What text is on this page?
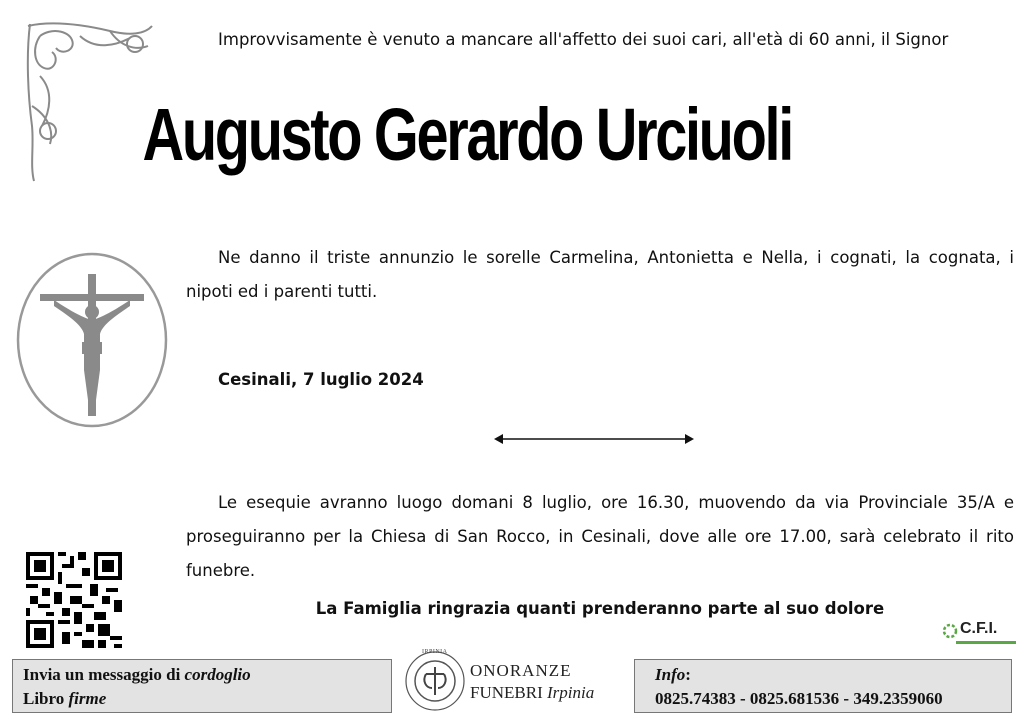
Improvvisamente è venuto a mancare all'affetto dei suoi cari, all'età di 60 anni, il Signor
Augusto Gerardo Urciuoli
Ne danno il triste annunzio le sorelle Carmelina, Antonietta e Nella, i cognati, la cognata, i nipoti ed i parenti tutti.
Cesinali, 7 luglio 2024
Le esequie avranno luogo domani 8 luglio, ore 16.30, muovendo da via Provinciale 35/A e proseguiranno per la Chiesa di San Rocco, in Cesinali, dove alle ore 17.00, sarà celebrato il rito funebre.
La Famiglia ringrazia quanti prenderanno parte al suo dolore
C.F.I.
Invia un messaggio di cordoglio
Libro firme
IRPINIA
ONORANZE
FUNEBRI Irpinia
Info:
0825.74383 - 0825.681536 - 349.2359060
